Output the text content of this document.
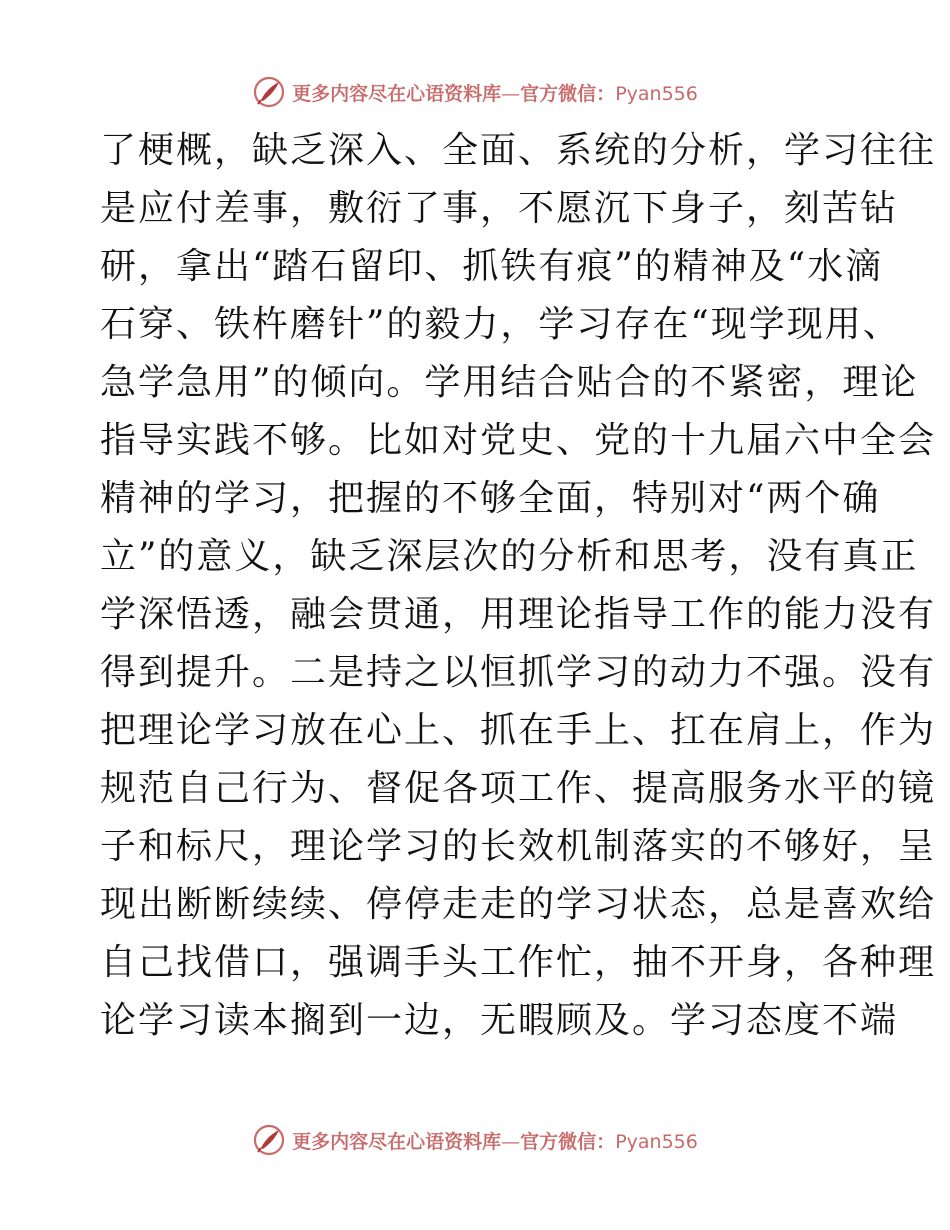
更多内容尽在心语资料库—官方微信：Pyan556
了梗概，缺乏深入、全面、系统的分析，学习往往
是应付差事，敷衍了事，不愿沉下身子，刻苦钻
研，拿出“踏石留印、抓铁有痕”的精神及“水滴
石穿、铁杵磨针”的毅力，学习存在“现学现用、
急学急用”的倾向。学用结合贴合的不紧密，理论
指导实践不够。比如对党史、党的十九届六中全会
精神的学习，把握的不够全面，特别对“两个确
立”的意义，缺乏深层次的分析和思考，没有真正
学深悟透，融会贯通，用理论指导工作的能力没有
得到提升。二是持之以恒抓学习的动力不强。没有
把理论学习放在心上、抓在手上、扛在肩上，作为
规范自己行为、督促各项工作、提高服务水平的镜
子和标尺，理论学习的长效机制落实的不够好，呈
现出断断续续、停停走走的学习状态，总是喜欢给
自己找借口，强调手头工作忙，抽不开身，各种理
论学习读本搁到一边，无暇顾及。学习态度不端
更多内容尽在心语资料库—官方微信：Pyan556
